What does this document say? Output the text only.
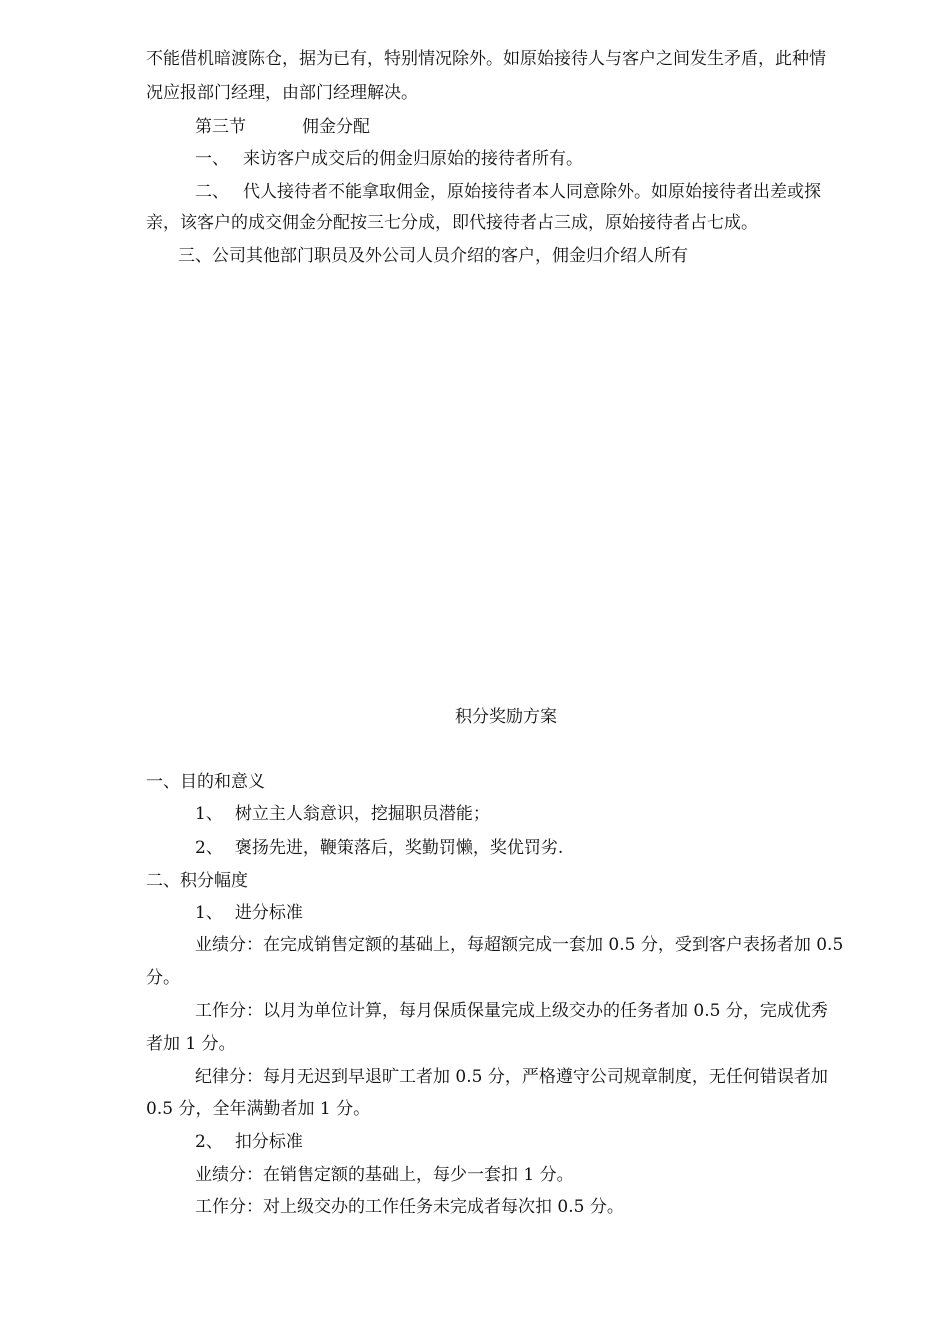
不能借机暗渡陈仓，据为已有，特别情况除外。如原始接待人与客户之间发生矛盾，此种情
况应报部门经理，由部门经理解决。
第三节	佣金分配
一、 来访客户成交后的佣金归原始的接待者所有。
二、 代人接待者不能拿取佣金，原始接待者本人同意除外。如原始接待者出差或探
亲，该客户的成交佣金分配按三七分成，即代接待者占三成，原始接待者占七成。
三、公司其他部门职员及外公司人员介绍的客户，佣金归介绍人所有
积分奖励方案
一、目的和意义
1、 树立主人翁意识，挖掘职员潜能；
2、 褒扬先进，鞭策落后，奖勤罚懒，奖优罚劣.
二、积分幅度
1、 进分标准
业绩分：在完成销售定额的基础上，每超额完成一套加 0.5 分，受到客户表扬者加 0.5
分。
工作分：以月为单位计算，每月保质保量完成上级交办的任务者加 0.5 分，完成优秀
者加 1 分。
纪律分：每月无迟到早退旷工者加 0.5 分，严格遵守公司规章制度，无任何错误者加
0.5 分，全年满勤者加 1 分。
2、 扣分标准
业绩分：在销售定额的基础上，每少一套扣 1 分。
工作分：对上级交办的工作任务未完成者每次扣 0.5 分。
